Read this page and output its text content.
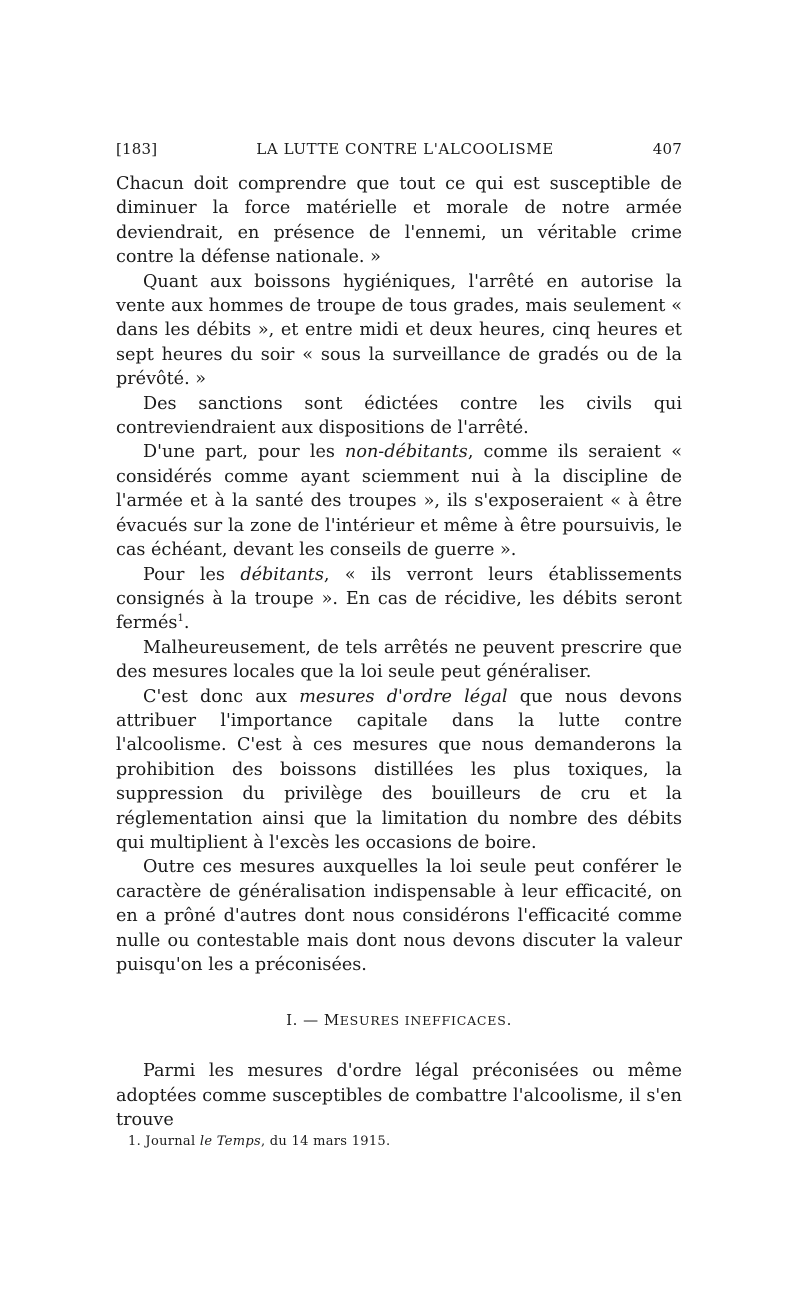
[183]	LA LUTTE CONTRE L'ALCOOLISME	407

Chacun doit comprendre que tout ce qui est susceptible de diminuer la force matérielle et morale de notre armée deviendrait, en présence de l'ennemi, un véritable crime contre la défense nationale. »

Quant aux boissons hygiéniques, l'arrêté en autorise la vente aux hommes de troupe de tous grades, mais seulement « dans les débits », et entre midi et deux heures, cinq heures et sept heures du soir « sous la surveillance de gradés ou de la prévôté. »

Des sanctions sont édictées contre les civils qui contreviendraient aux dispositions de l'arrêté.

D'une part, pour les non-débitants, comme ils seraient « considérés comme ayant sciemment nui à la discipline de l'armée et à la santé des troupes », ils s'exposeraient « à être évacués sur la zone de l'intérieur et même à être poursuivis, le cas échéant, devant les conseils de guerre ».

Pour les débitants, « ils verront leurs établissements consignés à la troupe ». En cas de récidive, les débits seront fermés$^1$.

Malheureusement, de tels arrêtés ne peuvent prescrire que des mesures locales que la loi seule peut généraliser.

C'est donc aux mesures d'ordre légal que nous devons attribuer l'importance capitale dans la lutte contre l'alcoolisme. C'est à ces mesures que nous demanderons la prohibition des boissons distillées les plus toxiques, la suppression du privilège des bouilleurs de cru et la réglementation ainsi que la limitation du nombre des débits qui multiplient à l'excès les occasions de boire.

Outre ces mesures auxquelles la loi seule peut conférer le caractère de généralisation indispensable à leur efficacité, on en a prôné d'autres dont nous considérons l'efficacité comme nulle ou contestable mais dont nous devons discuter la valeur puisqu'on les a préconisées.

I. — MESURES INEFFICACES.

Parmi les mesures d'ordre légal préconisées ou même adoptées comme susceptibles de combattre l'alcoolisme, il s'en trouve

1. Journal le Temps, du 14 mars 1915.
